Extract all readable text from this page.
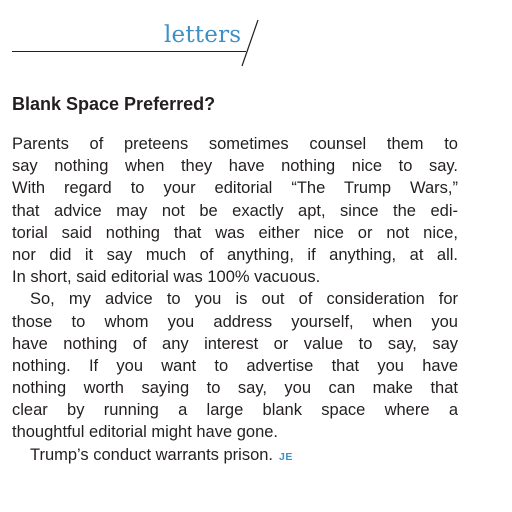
letters
Blank Space Preferred?
Parents of preteens sometimes counsel them to
say nothing when they have nothing nice to say.
With regard to your editorial “The Trump Wars,”
that advice may not be exactly apt, since the edi-
torial said nothing that was either nice or not nice,
nor did it say much of anything, if anything, at all.
In short, said editorial was 100% vacuous.
So, my advice to you is out of consideration for
those to whom you address yourself, when you
have nothing of any interest or value to say, say
nothing. If you want to advertise that you have
nothing worth saying to say, you can make that
clear by running a large blank space where a
thoughtful editorial might have gone.
Trump’s conduct warrants prison. JE
